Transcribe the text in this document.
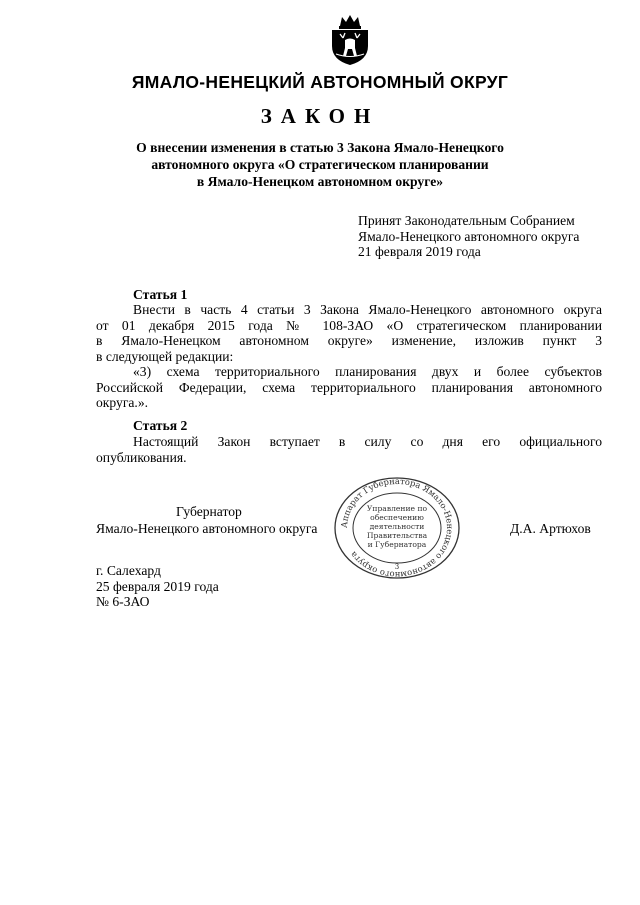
ЯМАЛО-НЕНЕЦКИЙ АВТОНОМНЫЙ ОКРУГ
ЗАКОН
О внесении изменения в статью 3 Закона Ямало-Ненецкого
автономного округа «О стратегическом планировании
в Ямало-Ненецком автономном округе»
Принят Законодательным Собранием
Ямало-Ненецкого автономного округа
21 февраля 2019 года
Статья 1
Внести в часть 4 статьи 3 Закона Ямало-Ненецкого автономного округа
от 01 декабря 2015 года № 108-ЗАО «О стратегическом планировании
в Ямало-Ненецком автономном округе» изменение, изложив пункт 3
в следующей редакции:
«3) схема территориального планирования двух и более субъектов
Российской Федерации, схема территориального планирования автономного
округа.».
Статья 2
Настоящий Закон вступает в силу со дня его официального
опубликования.
Губернатор
Ямало-Ненецкого автономного округа	Д.А. Артюхов
Аппарат Губернатора Ямало-Ненецкого автономного округа
Управление по
обеспечению
деятельности
Правительства
и Губернатора
3
г. Салехард
25 февраля 2019 года
№ 6-ЗАО
